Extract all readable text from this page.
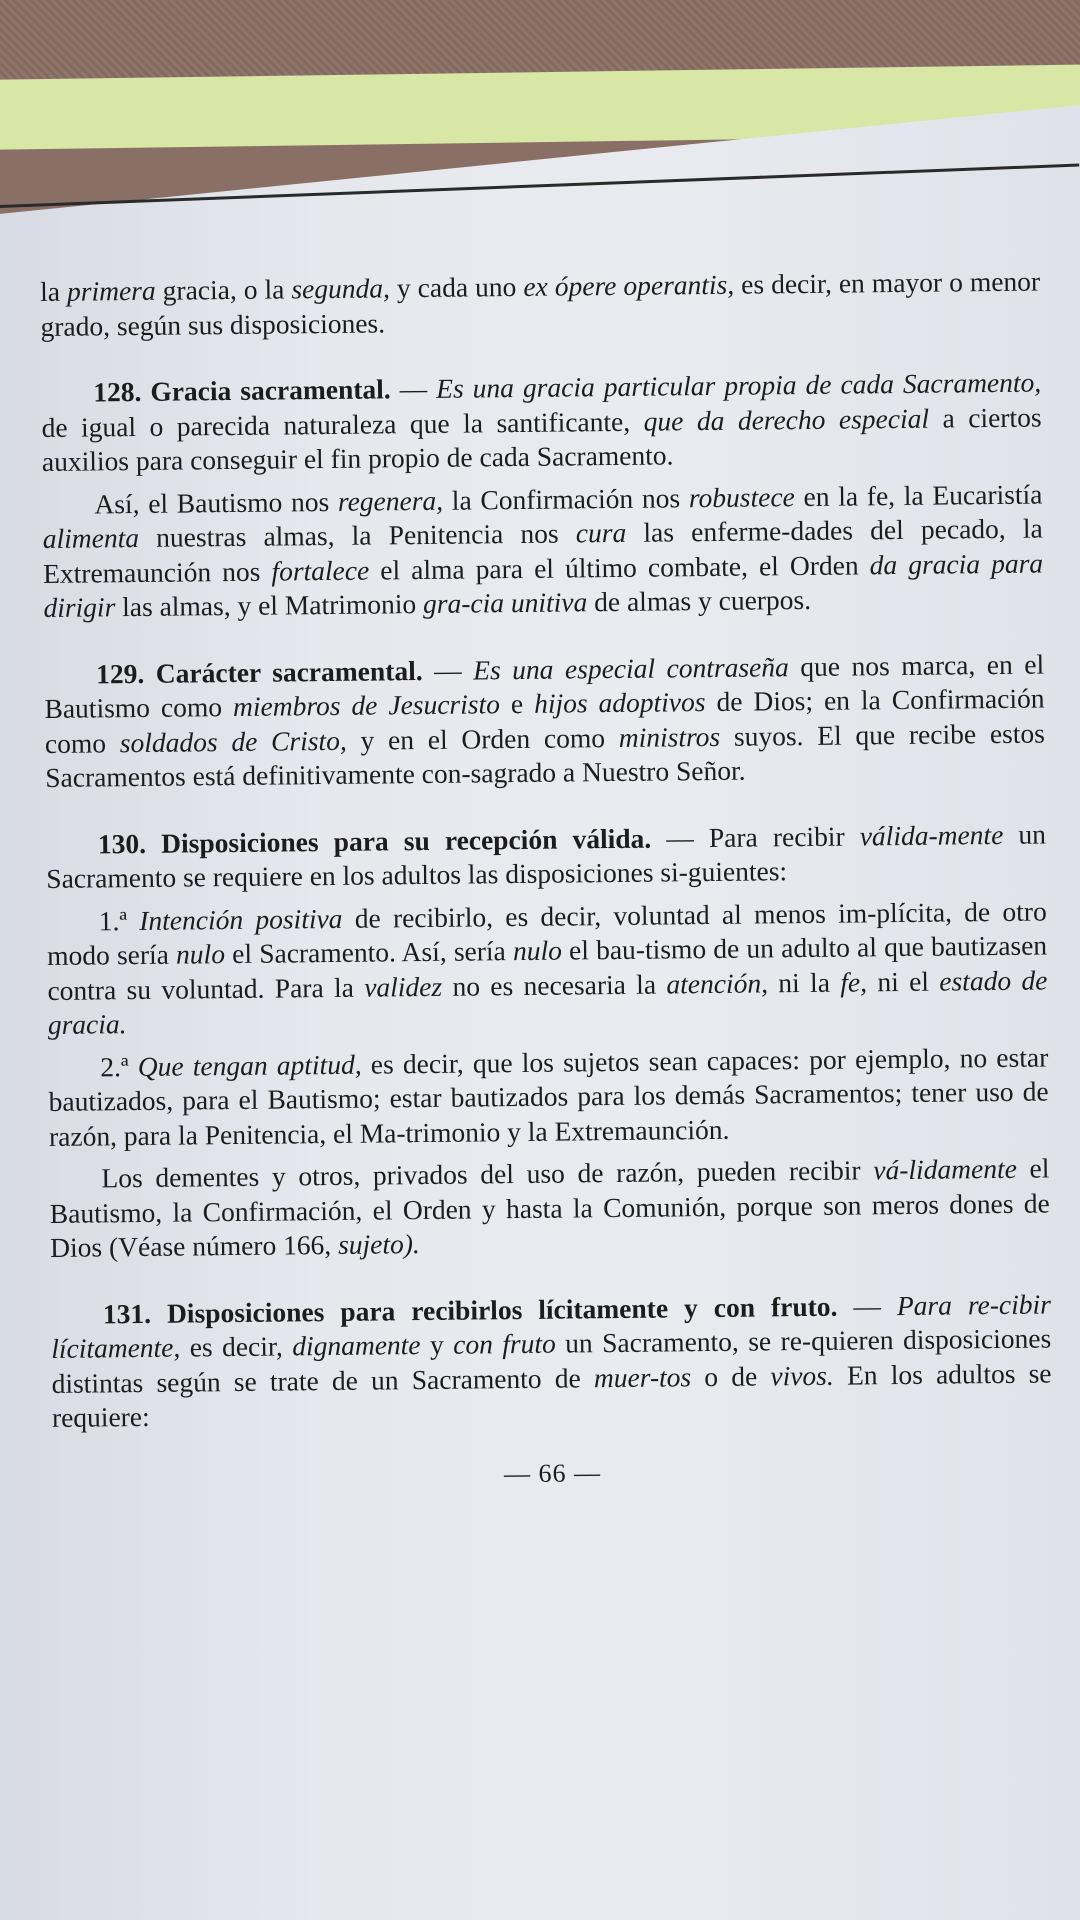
la primera gracia, o la segunda, y cada uno ex ópere operantis, es decir, en mayor o menor grado, según sus disposiciones.

128. Gracia sacramental. — Es una gracia particular propia de cada Sacramento, de igual o parecida naturaleza que la santificante, que da derecho especial a ciertos auxilios para conseguir el fin propio de cada Sacramento.

Así, el Bautismo nos regenera, la Confirmación nos robustece en la fe, la Eucaristía alimenta nuestras almas, la Penitencia nos cura las enferme-dades del pecado, la Extremaunción nos fortalece el alma para el último combate, el Orden da gracia para dirigir las almas, y el Matrimonio gra-cia unitiva de almas y cuerpos.

129. Carácter sacramental. — Es una especial contraseña que nos marca, en el Bautismo como miembros de Jesucristo e hijos adoptivos de Dios; en la Confirmación como soldados de Cristo, y en el Orden como ministros suyos. El que recibe estos Sacramentos está definitivamente con-sagrado a Nuestro Señor.

130. Disposiciones para su recepción válida. — Para recibir válida-mente un Sacramento se requiere en los adultos las disposiciones si-guientes:

1.ª Intención positiva de recibirlo, es decir, voluntad al menos im-plícita, de otro modo sería nulo el Sacramento. Así, sería nulo el bau-tismo de un adulto al que bautizasen contra su voluntad. Para la validez no es necesaria la atención, ni la fe, ni el estado de gracia.

2.ª Que tengan aptitud, es decir, que los sujetos sean capaces: por ejemplo, no estar bautizados, para el Bautismo; estar bautizados para los demás Sacramentos; tener uso de razón, para la Penitencia, el Ma-trimonio y la Extremaunción.

Los dementes y otros, privados del uso de razón, pueden recibir vá-lidamente el Bautismo, la Confirmación, el Orden y hasta la Comunión, porque son meros dones de Dios (Véase número 166, sujeto).

131. Disposiciones para recibirlos lícitamente y con fruto. — Para re-cibir lícitamente, es decir, dignamente y con fruto un Sacramento, se re-quieren disposiciones distintas según se trate de un Sacramento de muer-tos o de vivos. En los adultos se requiere:

— 66 —
